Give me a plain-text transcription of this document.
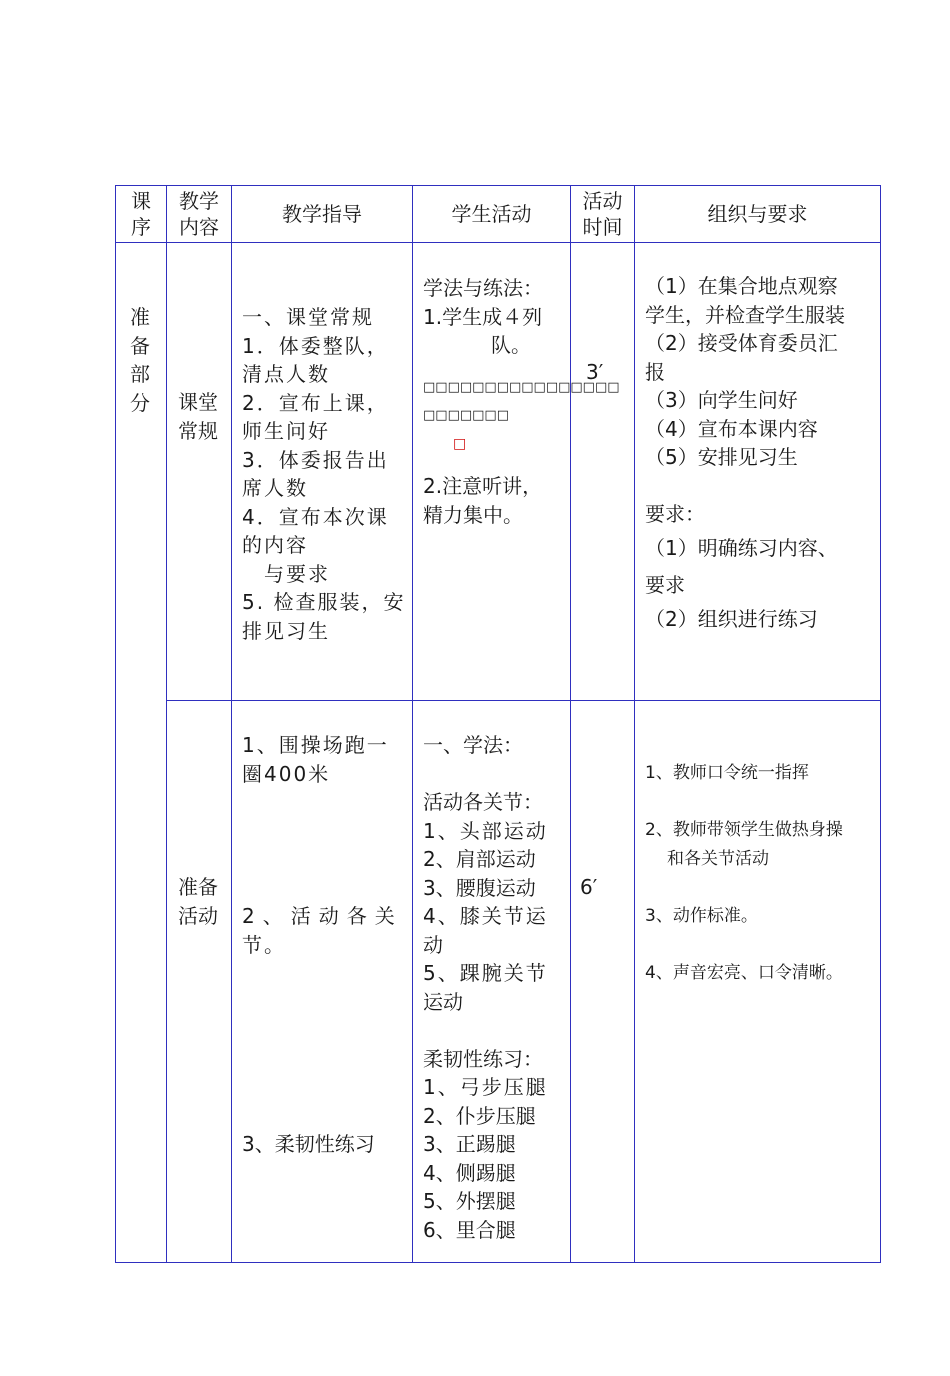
课
序
教学
内容
教学指导	学生活动
活动
时间
组织与要求
准
备
部
分 课堂
常规
一、课堂常规
1．体委整队，
清点人数
2．宣布上课，
师生问好
3．体委报告出
席人数
4．宣布本次课
的内容
与要求
5. 检查服装，安
排见习生
学法与练法：
1.学生成４列
队。
□□□□□□□□□□□□□□□□
□□□□□□□
□
2.注意听讲，
精力集中。
3′
（1）在集合地点观察
学生，并检查学生服装
（2）接受体育委员汇
报
（3）向学生问好
（4）宣布本课内容
（5）安排见习生
要求：
（1）明确练习内容、
要求
（2）组织进行练习
准备
活动
1、围操场跑一
圈400米
2、活动各关
节。
3、柔韧性练习
一、学法：
活动各关节：
1、头部运动
2、肩部运动
3、腰腹运动
4、膝关节运
动
5、踝腕关节
运动
柔韧性练习：
1、弓步压腿
2、仆步压腿
3、正踢腿
4、侧踢腿
5、外摆腿
6、里合腿
6′
1、教师口令统一指挥
2、教师带领学生做热身操
和各关节活动
3、动作标准。
4、声音宏亮、口令清晰。
